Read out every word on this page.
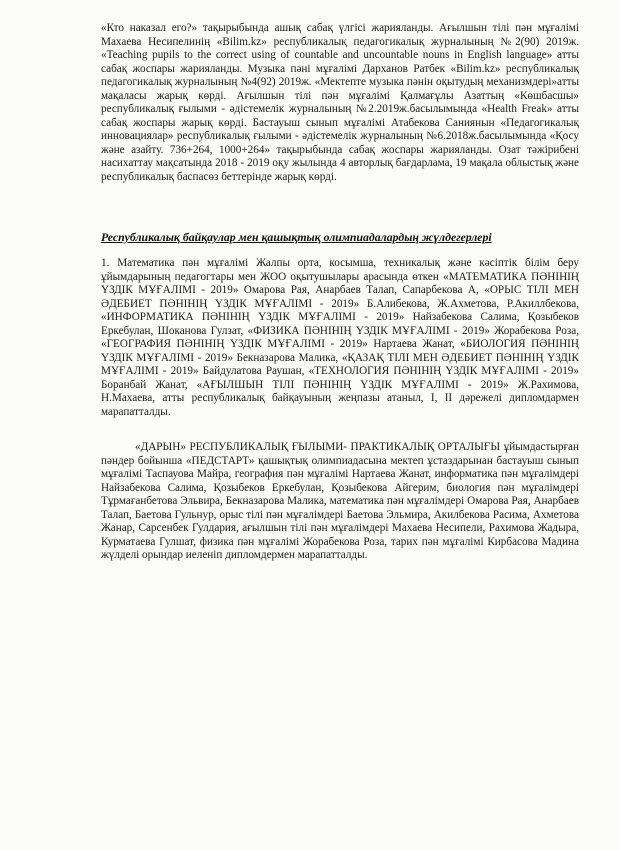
«Кто наказал его?» тақырыбында ашық сабақ үлгісі жарияланды. Ағылшын тілі пән мұғалімі Махаева Несипелинің «Bilim.kz» республикалық педагогикалық журналының №2(90) 2019ж. «Teaching pupils to the correct using of countable and uncountable nouns in English language» атты сабақ жоспары жарияланды. Музыка пәні мұғалімі Дарханов Ратбек «Bilim.kz» республикалық педагогикалық журналының №4(92) 2019ж. «Мектепте музыка пәнін оқытудың механизмдері»атты мақаласы жарық көрді. Ағылшын тілі пән мұғалімі Қалмағұлы Азаттың «Көшбасшы» республикалық ғылыми - әдістемелік журналының №2.2019ж.басылымында «Health Freak» атты сабақ жоспары жарық көрді. Бастауыш сынып мұғалімі Атабекова Саниянын «Педагогикалық инновациялар» республикалық ғылыми - әдістемелік журналының №6.2018ж.басылымында «Қосу және азайту. 736+264, 1000+264» тақырыбында сабақ жоспары жарияланды. Озат тәжірибені насихаттау мақсатында 2018 - 2019 оқу жылында 4 авторлық бағдарлама, 19 мақала облыстық және республикалық баспасөз беттерінде жарық көрді.

Республикалық байқаулар мен қашықтық олимпиадалардың жүлдегерлері

1. Математика пән мұғалімі Жалпы орта, косымша, техникалық және кәсіптік білім беру ұйымдарының педагогтары мен ЖОО оқытушылары арасында өткен «МАТЕМАТИКА ПӘНІНІҢ ҮЗДІК МҰҒАЛІМІ - 2019» Омарова Рая, Анарбаев Талап, Сапарбекова А, «ОРЫС ТІЛІ МЕН ӘДЕБИЕТ ПӘНІНІҢ ҮЗДІК МҰҒАЛІМІ - 2019» Б.Алибекова, Ж.Ахметова, Р.Акиллбекова, «ИНФОРМАТИКА ПӘНІНІҢ ҮЗДІК МҰҒАЛІМІ - 2019» Найзабекова Салима, Қозыбеков Еркебулан, Шоканова Гулзат, «ФИЗИКА ПӘНІНІҢ ҮЗДІК МҰҒАЛІМІ - 2019» Жорабекова Роза, «ГЕОГРАФИЯ ПӘНІНІҢ ҮЗДІК МҰҒАЛІМІ - 2019» Нартаева Жанат, «БИОЛОГИЯ ПӘНІНІҢ ҮЗДІК МҰҒАЛІМІ - 2019» Бекназарова Малика, «ҚАЗАҚ ТІЛІ МЕН ӘДЕБИЕТ ПӘНІНІҢ ҮЗДІК МҰҒАЛІМІ - 2019» Байдулатова Раушан, «ТЕХНОЛОГИЯ ПӘНІНІҢ ҮЗДІК МҰҒАЛІМІ - 2019» Боранбай Жанат, «АҒЫЛШЫН ТІЛІ ПӘНІНІҢ ҮЗДІК МҰҒАЛІМІ - 2019» Ж.Рахимова, Н.Махаева, атты республикалық байқауының жеңпазы атаныл, I, II дәрежелі дипломдармен марапатталды.

«ДАРЫН» РЕСПУБЛИКАЛЫҚ ҒЫЛЫМИ- ПРАКТИКАЛЫҚ ОРТАЛЫҒЫ ұйымдастырған пәндер бойынша «ПЕДСТАРТ» қашықтық олимпиадасына мектеп ұстаздарынан бастауыш сынып мұғалімі Таспауова Майра, география пән мұғалімі Нартаева Жанат, информатика пән мұғалімдері Найзабекова Салима, Қозыбеков Еркебулан, Қозыбекова Айгерим, биология пән мұғалімдері Тұрмағанбетова Эльвира, Бекназарова Малика, математика пән мұғалімдері Омарова Рая, Анарбаев Талап, Баетова Гульнур, орыс тілі пән мұғалімдері Баетова Эльмира, Акилбекова Расима, Ахметова Жанар, Сарсенбек Гулдария, ағылшын тілі пән мұғалімдері Махаева Несипели, Рахимова Жадыра, Курматаева Гулшат, физика пән мұғалімі Жорабекова Роза, тарих пән мұғалімі Кирбасова Мадина жүлделі орындар иеленіп дипломдермен марапатталды.
